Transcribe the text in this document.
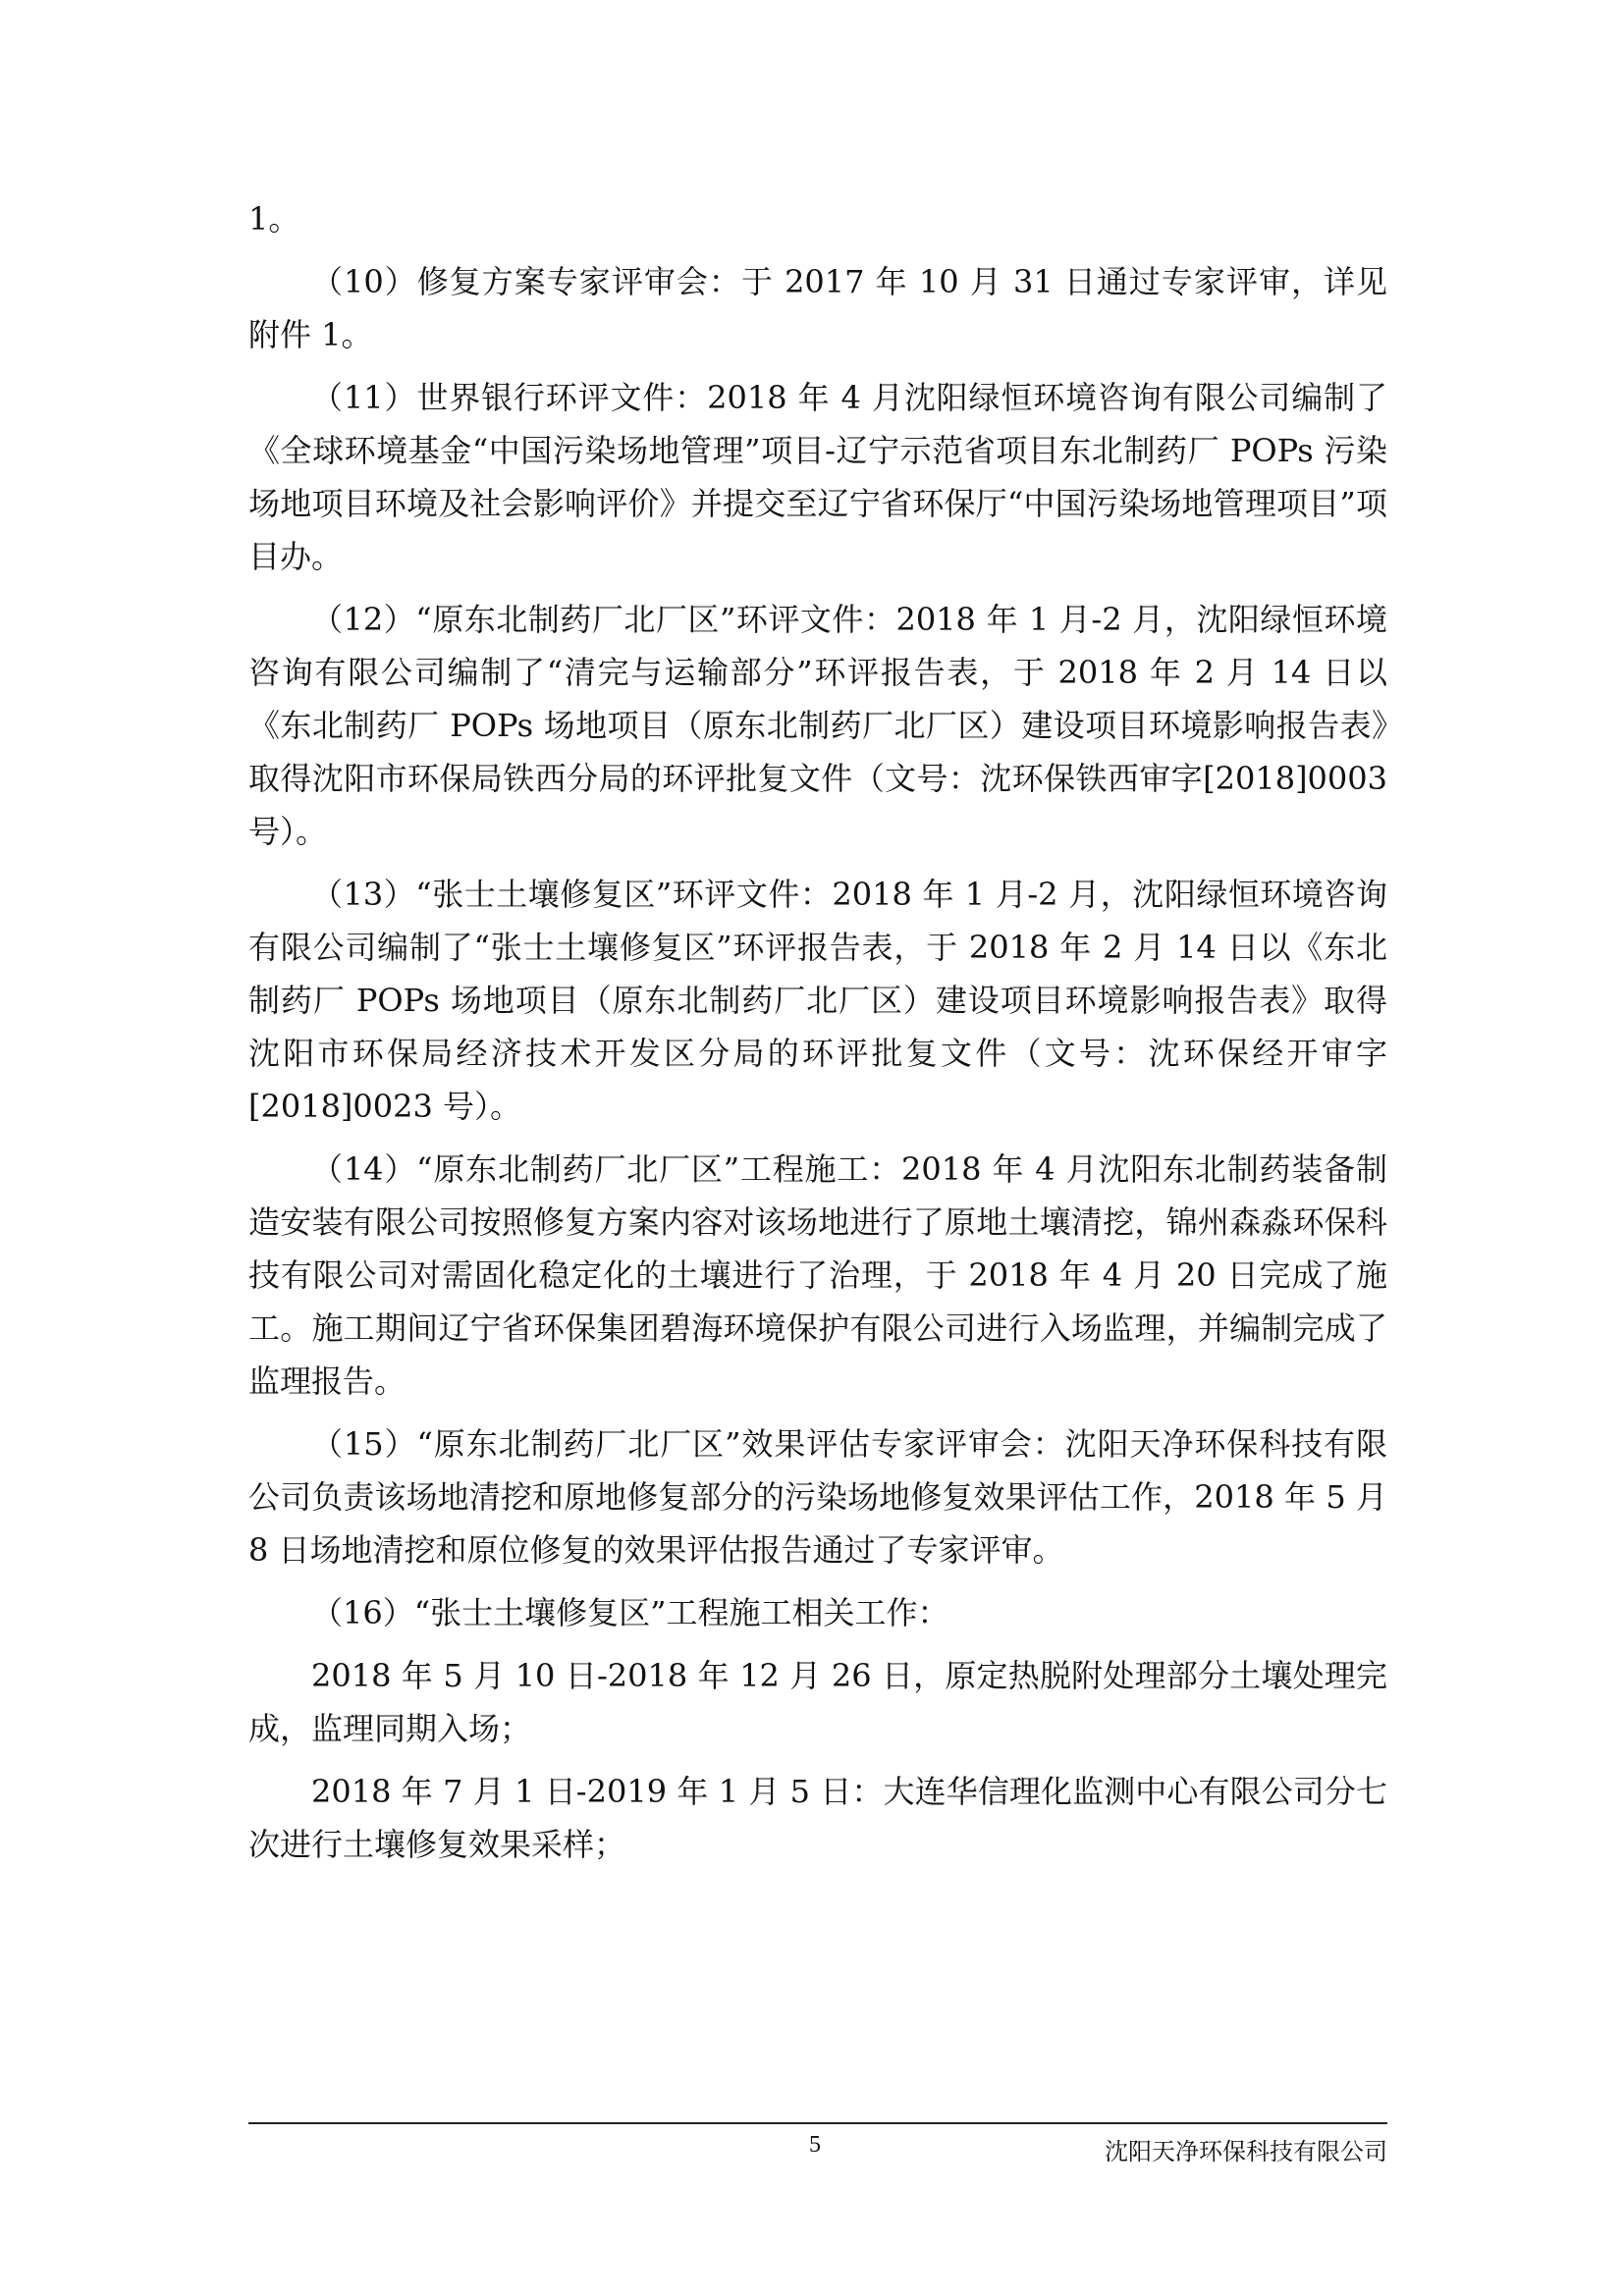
1。

（10）修复方案专家评审会：于 2017 年 10 月 31 日通过专家评审，详见附件 1。

（11）世界银行环评文件：2018 年 4 月沈阳绿恒环境咨询有限公司编制了《全球环境基金“中国污染场地管理”项目-辽宁示范省项目东北制药厂 POPs 污染场地项目环境及社会影响评价》并提交至辽宁省环保厅“中国污染场地管理项目”项目办。

（12）“原东北制药厂北厂区”环评文件：2018 年 1 月-2 月，沈阳绿恒环境咨询有限公司编制了“清完与运输部分”环评报告表，于 2018 年 2 月 14 日以《东北制药厂 POPs 场地项目（原东北制药厂北厂区）建设项目环境影响报告表》取得沈阳市环保局铁西分局的环评批复文件（文号：沈环保铁西审字[2018]0003 号）。

（13）“张士土壤修复区”环评文件：2018 年 1 月-2 月，沈阳绿恒环境咨询有限公司编制了“张士土壤修复区”环评报告表，于 2018 年 2 月 14 日以《东北制药厂 POPs 场地项目（原东北制药厂北厂区）建设项目环境影响报告表》取得沈阳市环保局经济技术开发区分局的环评批复文件（文号：沈环保经开审字[2018]0023 号）。

（14）“原东北制药厂北厂区”工程施工：2018 年 4 月沈阳东北制药装备制造安装有限公司按照修复方案内容对该场地进行了原地土壤清挖，锦州森淼环保科技有限公司对需固化稳定化的土壤进行了治理，于 2018 年 4 月 20 日完成了施工。施工期间辽宁省环保集团碧海环境保护有限公司进行入场监理，并编制完成了监理报告。

（15）“原东北制药厂北厂区”效果评估专家评审会：沈阳天净环保科技有限公司负责该场地清挖和原地修复部分的污染场地修复效果评估工作，2018 年 5 月 8 日场地清挖和原位修复的效果评估报告通过了专家评审。

（16）“张士土壤修复区”工程施工相关工作：

2018 年 5 月 10 日-2018 年 12 月 26 日，原定热脱附处理部分土壤处理完成，监理同期入场；

2018 年 7 月 1 日-2019 年 1 月 5 日：大连华信理化监测中心有限公司分七次进行土壤修复效果采样；

5	沈阳天净环保科技有限公司
